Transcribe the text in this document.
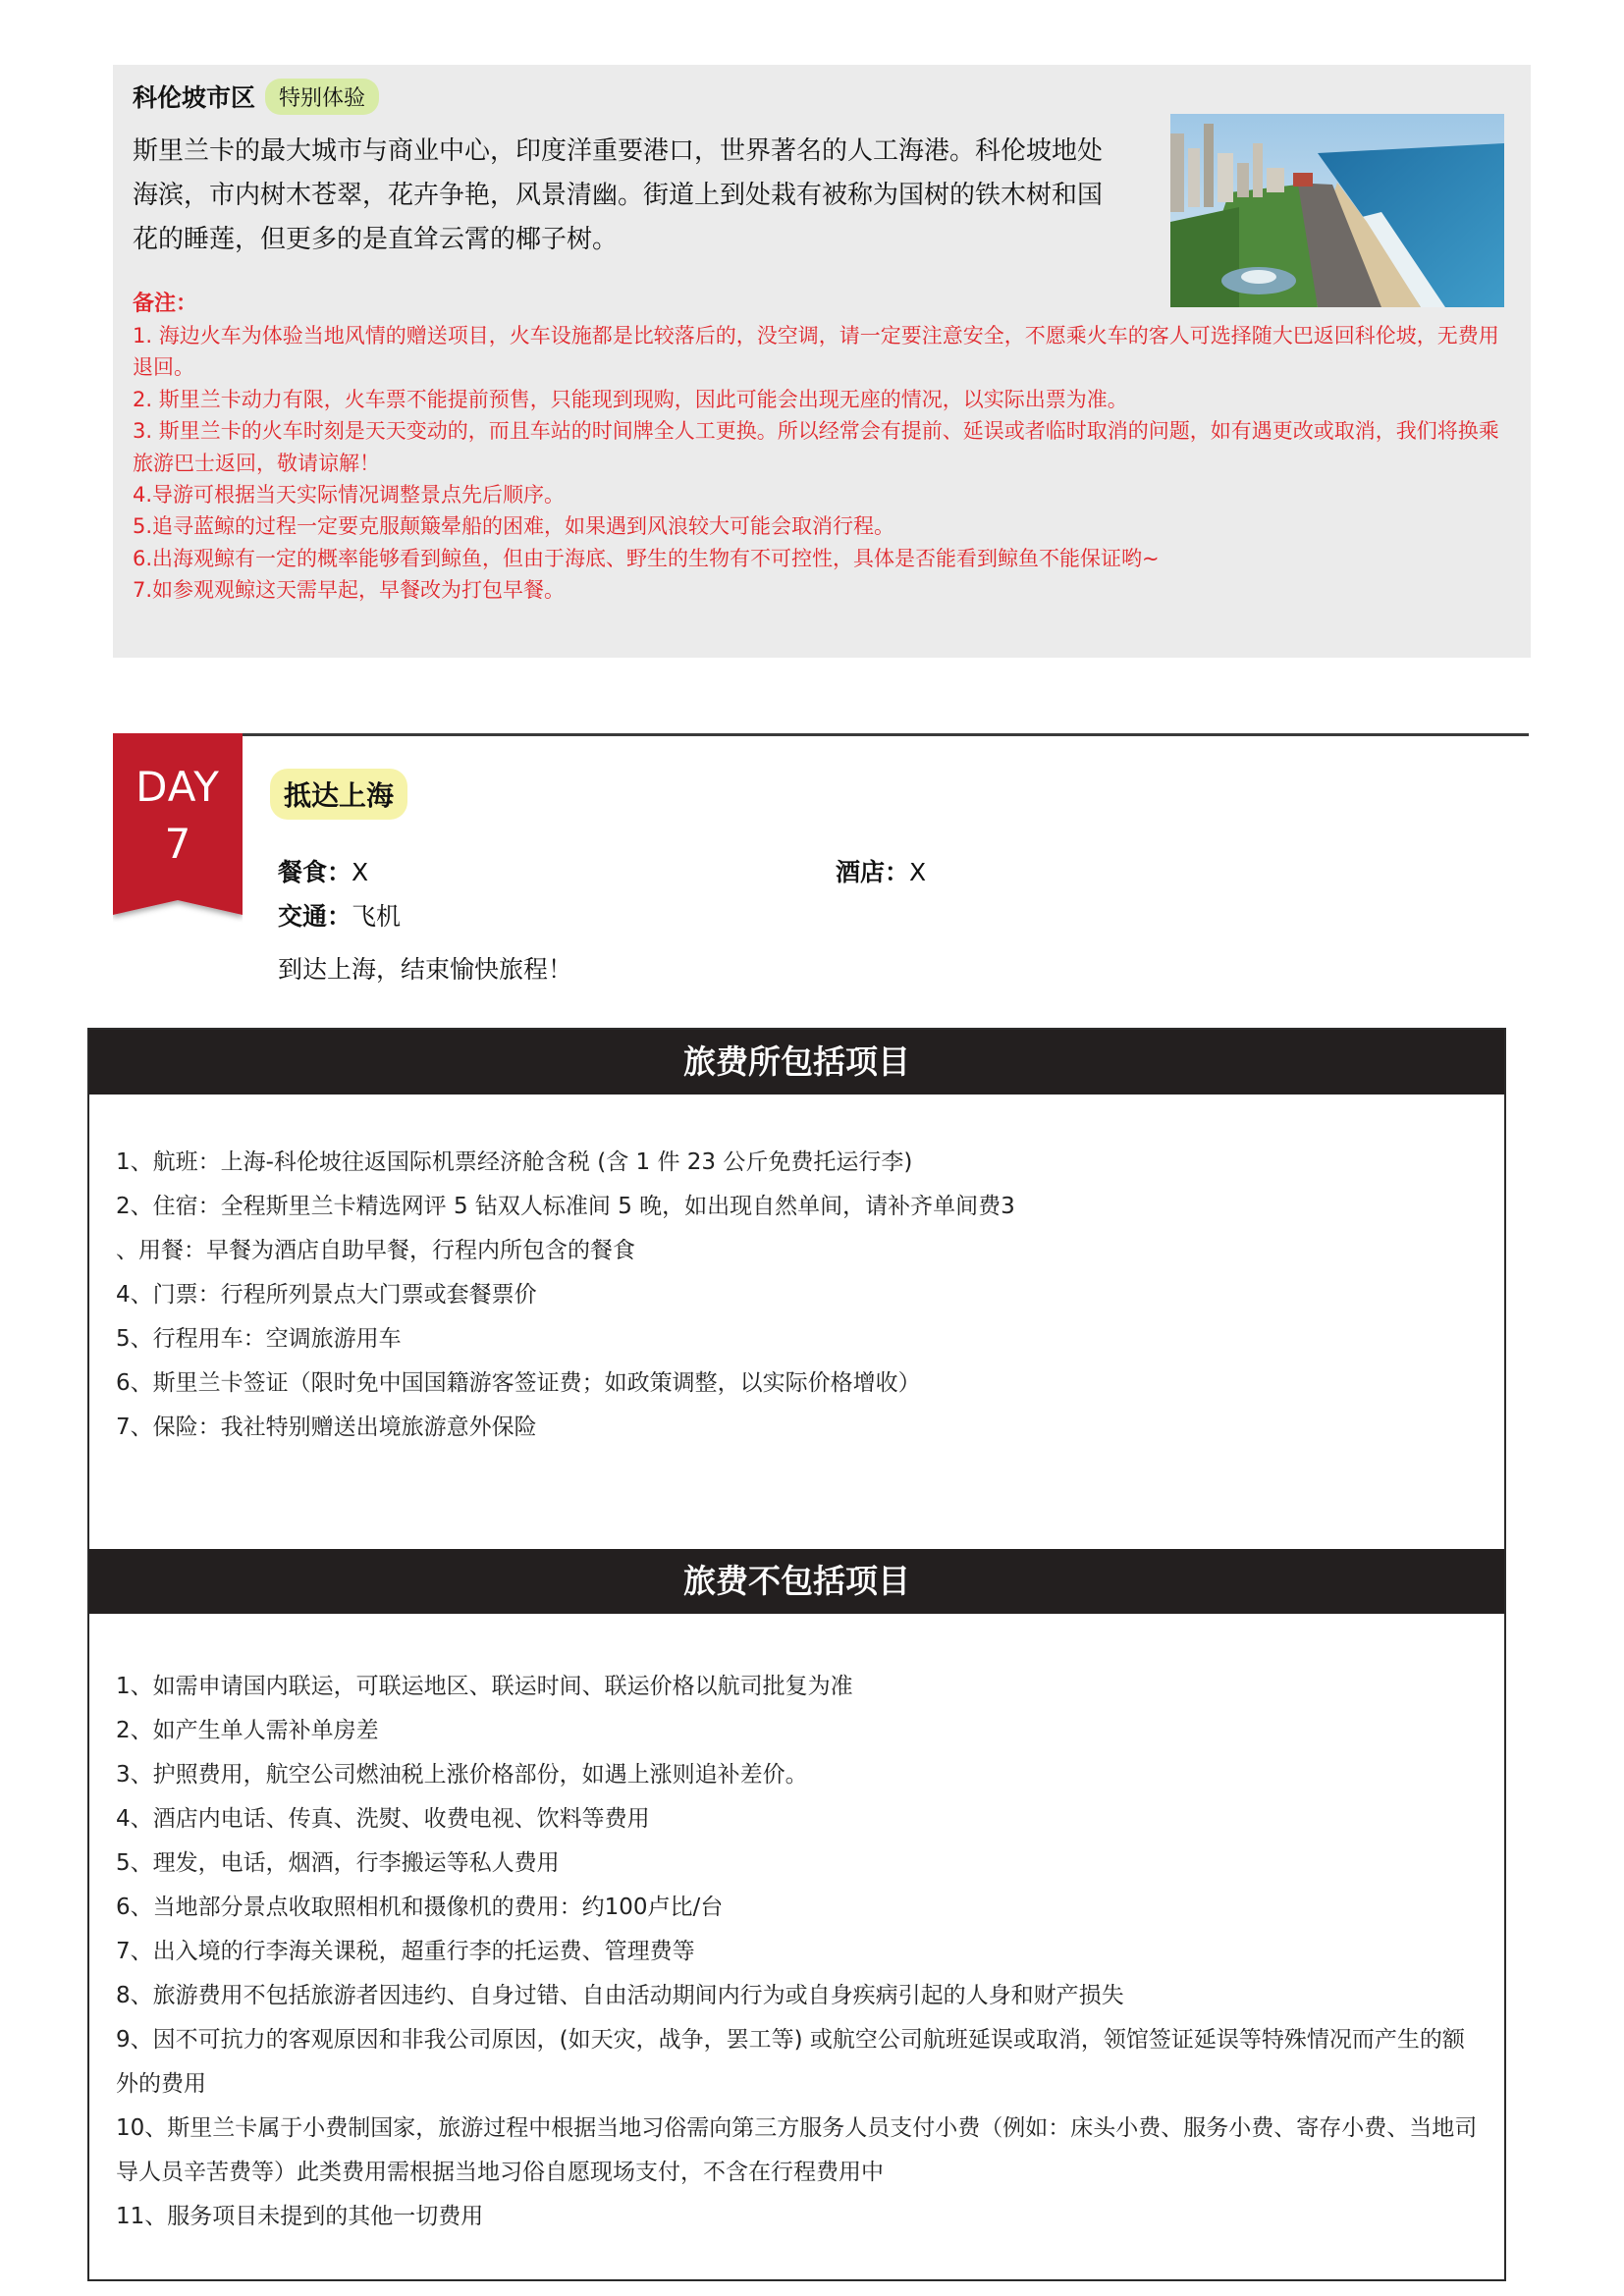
科伦坡市区	特别体验
斯里兰卡的最大城市与商业中心，印度洋重要港口，世界著名的人工海港。科伦坡地处海滨，市内树木苍翠，花卉争艳，风景清幽。街道上到处栽有被称为国树的铁木树和国花的睡莲，但更多的是直耸云霄的椰子树。
备注：
1. 海边火车为体验当地风情的赠送项目，火车设施都是比较落后的，没空调，请一定要注意安全，不愿乘火车的客人可选择随大巴返回科伦坡，无费用退回。
2. 斯里兰卡动力有限，火车票不能提前预售，只能现到现购，因此可能会出现无座的情况，以实际出票为准。
3. 斯里兰卡的火车时刻是天天变动的，而且车站的时间牌全人工更换。所以经常会有提前、延误或者临时取消的问题，如有遇更改或取消，我们将换乘旅游巴士返回，敬请谅解！
4.导游可根据当天实际情况调整景点先后顺序。
5.追寻蓝鲸的过程一定要克服颠簸晕船的困难，如果遇到风浪较大可能会取消行程。
6.出海观鲸有一定的概率能够看到鲸鱼，但由于海底、野生的生物有不可控性，具体是否能看到鲸鱼不能保证哟~
7.如参观观鲸这天需早起，早餐改为打包早餐。
DAY
7
抵达上海
餐食：X	酒店：X
交通：飞机
到达上海，结束愉快旅程！
旅费所包括项目
1、航班：上海-科伦坡往返国际机票经济舱含税 (含 1 件 23 公斤免费托运行李)
2、住宿：全程斯里兰卡精选网评 5 钻双人标准间 5 晚，如出现自然单间，请补齐单间费3
、用餐：早餐为酒店自助早餐，行程内所包含的餐食
4、门票：行程所列景点大门票或套餐票价
5、行程用车：空调旅游用车
6、斯里兰卡签证（限时免中国国籍游客签证费；如政策调整，以实际价格增收）
7、保险：我社特别赠送出境旅游意外保险
旅费不包括项目
1、如需申请国内联运，可联运地区、联运时间、联运价格以航司批复为准
2、如产生单人需补单房差
3、护照费用，航空公司燃油税上涨价格部份，如遇上涨则追补差价。
4、酒店内电话、传真、洗熨、收费电视、饮料等费用
5、理发，电话，烟酒，行李搬运等私人费用
6、当地部分景点收取照相机和摄像机的费用：约100卢比/台
7、出入境的行李海关课税，超重行李的托运费、管理费等
8、旅游费用不包括旅游者因违约、自身过错、自由活动期间内行为或自身疾病引起的人身和财产损失
9、因不可抗力的客观原因和非我公司原因，(如天灾，战争，罢工等) 或航空公司航班延误或取消，领馆签证延误等特殊情况而产生的额外的费用
10、斯里兰卡属于小费制国家，旅游过程中根据当地习俗需向第三方服务人员支付小费（例如：床头小费、服务小费、寄存小费、当地司导人员辛苦费等）此类费用需根据当地习俗自愿现场支付，不含在行程费用中
11、服务项目未提到的其他一切费用
